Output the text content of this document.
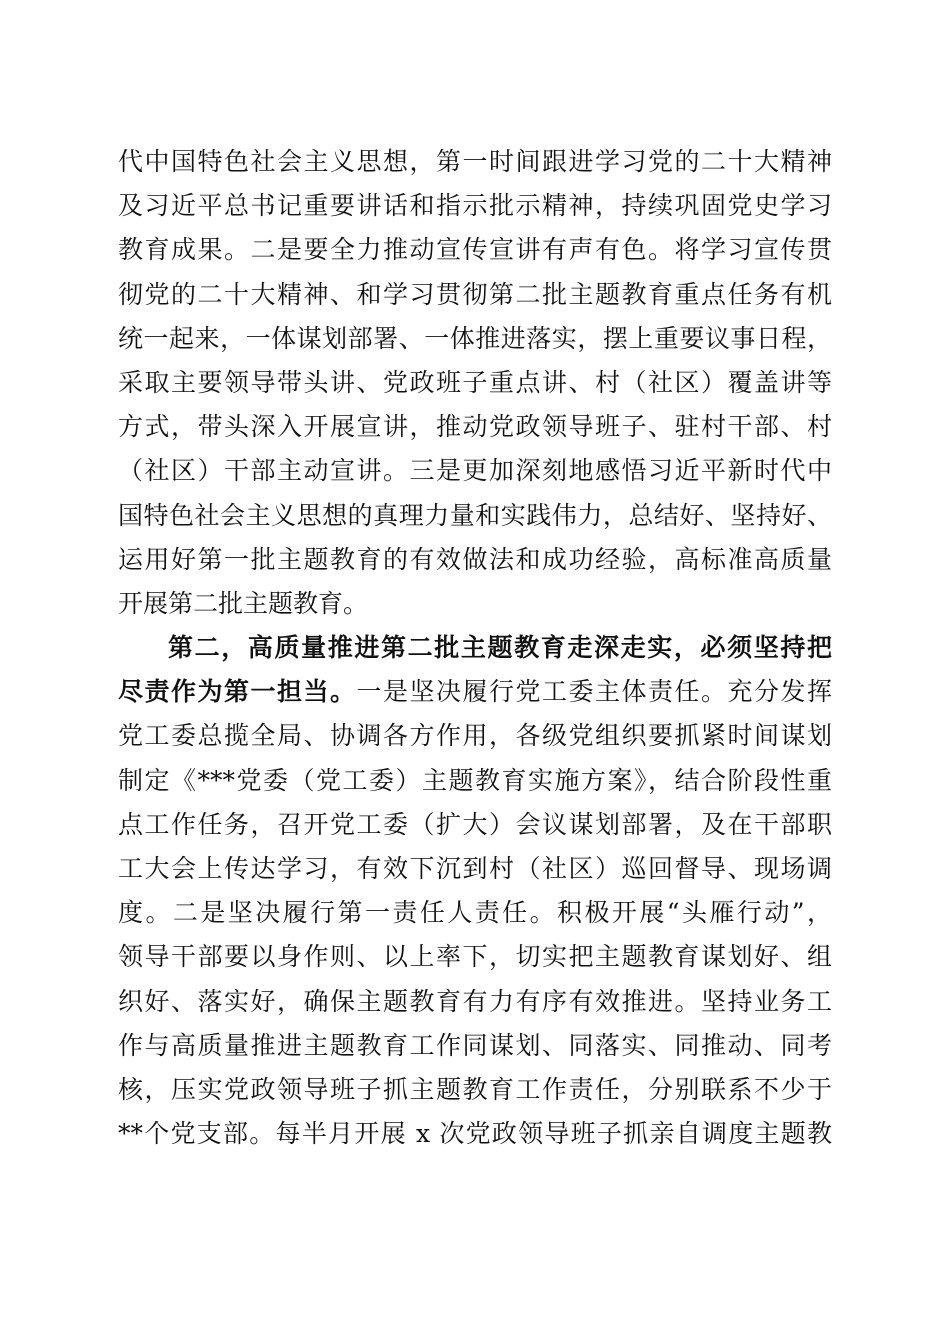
代中国特色社会主义思想，第一时间跟进学习党的二十大精神
及习近平总书记重要讲话和指示批示精神，持续巩固党史学习
教育成果。二是要全力推动宣传宣讲有声有色。将学习宣传贯
彻党的二十大精神、和学习贯彻第二批主题教育重点任务有机
统一起来，一体谋划部署、一体推进落实，摆上重要议事日程，
采取主要领导带头讲、党政班子重点讲、村（社区）覆盖讲等
方式，带头深入开展宣讲，推动党政领导班子、驻村干部、村
（社区）干部主动宣讲。三是更加深刻地感悟习近平新时代中
国特色社会主义思想的真理力量和实践伟力，总结好、坚持好、
运用好第一批主题教育的有效做法和成功经验，高标准高质量
开展第二批主题教育。
第二，高质量推进第二批主题教育走深走实，必须坚持把
尽责作为第一担当。一是坚决履行党工委主体责任。充分发挥
党工委总揽全局、协调各方作用，各级党组织要抓紧时间谋划
制定《***党委（党工委）主题教育实施方案》，结合阶段性重
点工作任务，召开党工委（扩大）会议谋划部署，及在干部职
工大会上传达学习，有效下沉到村（社区）巡回督导、现场调
度。二是坚决履行第一责任人责任。积极开展“头雁行动”，
领导干部要以身作则、以上率下，切实把主题教育谋划好、组
织好、落实好，确保主题教育有力有序有效推进。坚持业务工
作与高质量推进主题教育工作同谋划、同落实、同推动、同考
核，压实党政领导班子抓主题教育工作责任，分别联系不少于
**个党支部。每半月开展 x 次党政领导班子抓亲自调度主题教
